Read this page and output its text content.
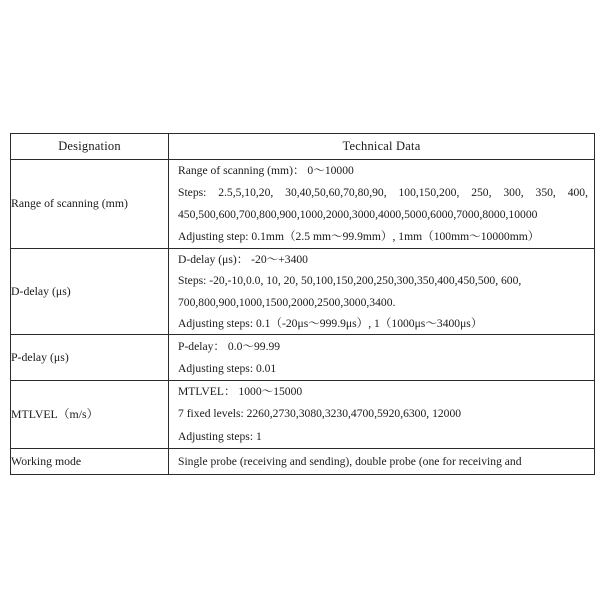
Designation	Technical Data
Range of scanning (mm)	Range of scanning (mm)： 0～10000
Steps: 2.5,5,10,20, 30,40,50,60,70,80,90, 100,150,200, 250, 300, 350, 400,
450,500,600,700,800,900,1000,2000,3000,4000,5000,6000,7000,8000,10000
Adjusting step: 0.1mm（2.5 mm～99.9mm）, 1mm（100mm～10000mm）

D-delay (μs)	D-delay (μs)： -20～+3400
Steps: -20,-10,0.0, 10, 20, 50,100,150,200,250,300,350,400,450,500, 600,
700,800,900,1000,1500,2000,2500,3000,3400.
Adjusting steps: 0.1（-20μs～999.9μs）, 1（1000μs～3400μs）

P-delay (μs)	P-delay： 0.0～99.99
Adjusting steps: 0.01

MTLVEL（m/s）	MTLVEL： 1000～15000
7 fixed levels: 2260,2730,3080,3230,4700,5920,6300, 12000
Adjusting steps: 1

Working mode	Single probe (receiving and sending), double probe (one for receiving and
